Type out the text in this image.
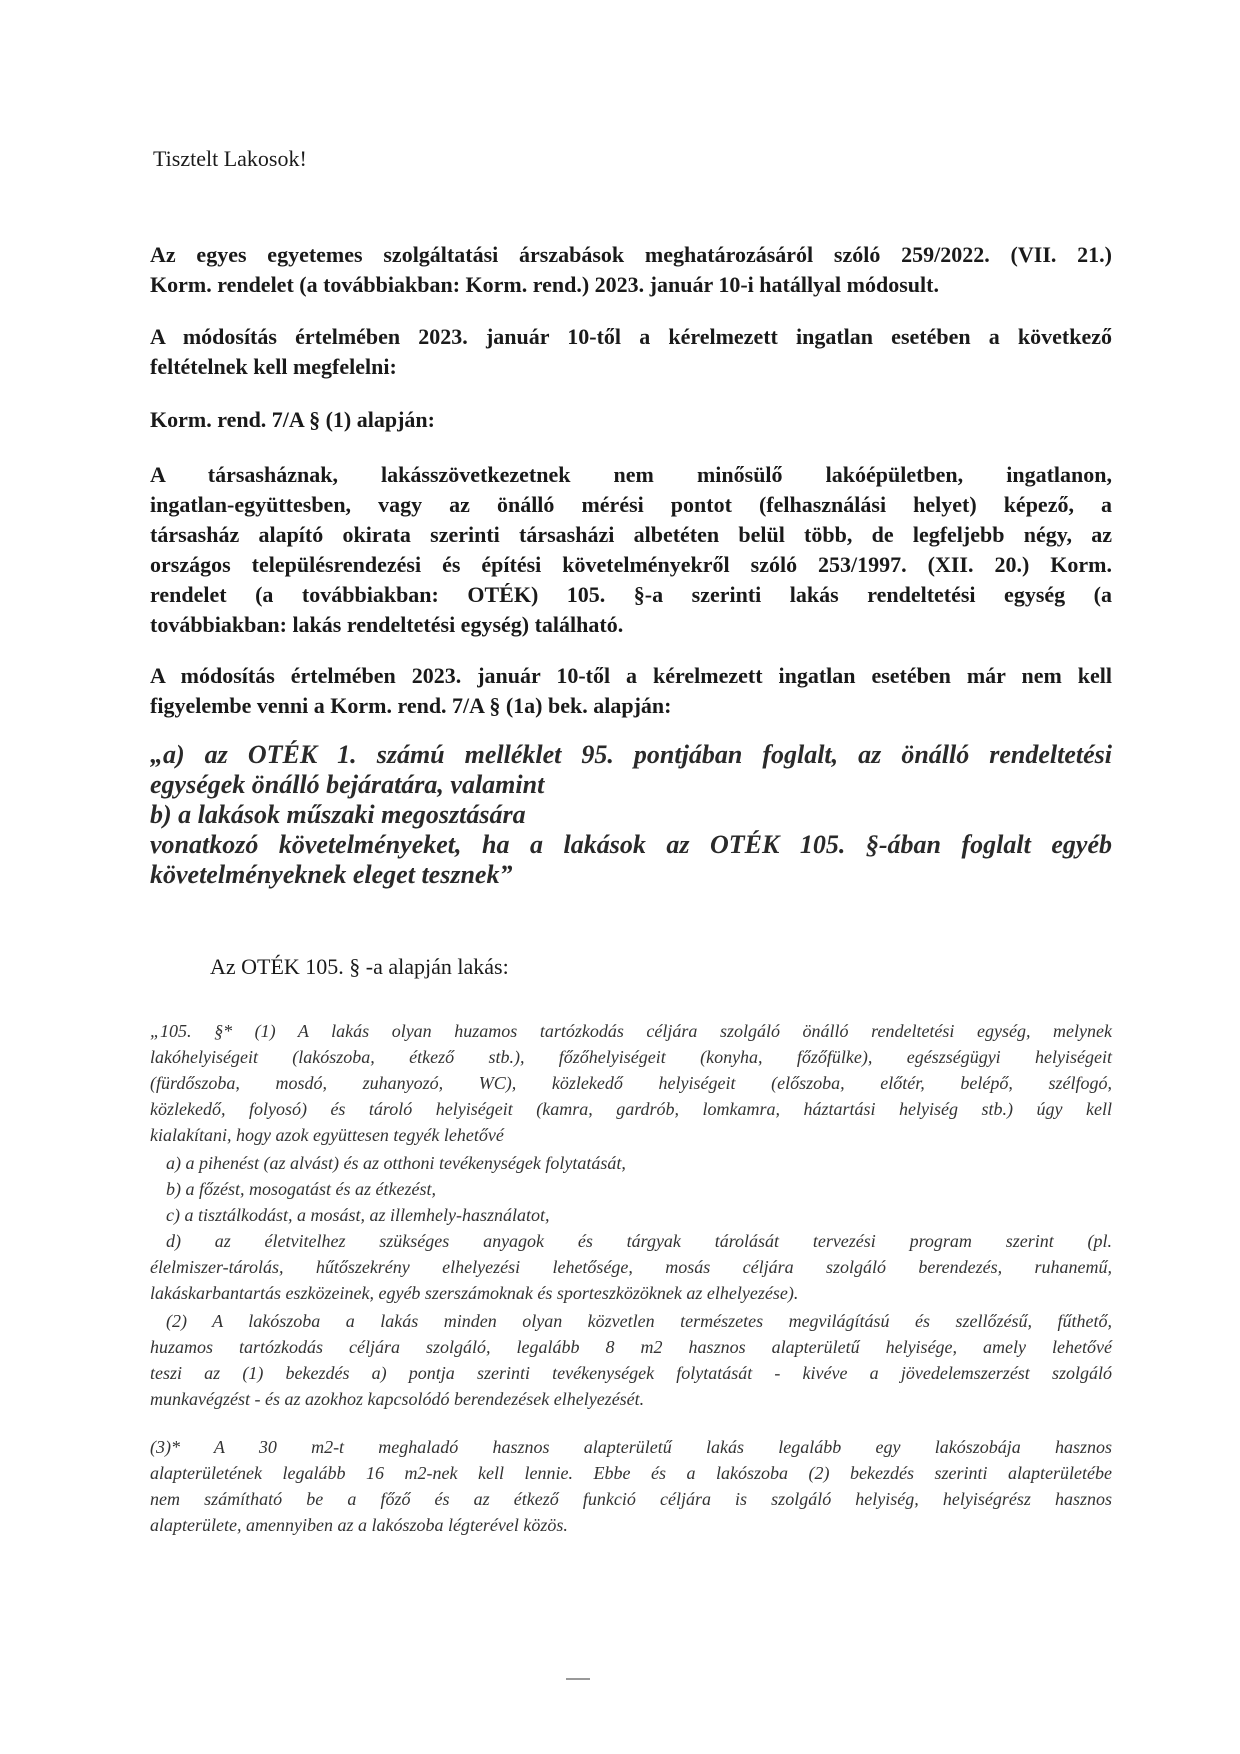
Tisztelt Lakosok!
Az egyes egyetemes szolgáltatási árszabások meghatározásáról szóló 259/2022. (VII. 21.)
Korm. rendelet (a továbbiakban: Korm. rend.) 2023. január 10-i hatállyal módosult.
A módosítás értelmében 2023. január 10-től a kérelmezett ingatlan esetében a következő
feltételnek kell megfelelni:
Korm. rend. 7/A § (1) alapján:
A társasháznak, lakásszövetkezetnek nem minősülő lakóépületben, ingatlanon,
ingatlan-együttesben, vagy az önálló mérési pontot (felhasználási helyet) képező, a
társasház alapító okirata szerinti társasházi albetéten belül több, de legfeljebb négy, az
országos településrendezési és építési követelményekről szóló 253/1997. (XII. 20.) Korm.
rendelet (a továbbiakban: OTÉK) 105. §-a szerinti lakás rendeltetési egység (a
továbbiakban: lakás rendeltetési egység) található.
A módosítás értelmében 2023. január 10-től a kérelmezett ingatlan esetében már nem kell
figyelembe venni a Korm. rend. 7/A § (1a) bek. alapján:
„a) az OTÉK 1. számú melléklet 95. pontjában foglalt, az önálló rendeltetési
egységek önálló bejáratára, valamint
b) a lakások műszaki megosztására
vonatkozó követelményeket, ha a lakások az OTÉK 105. §-ában foglalt egyéb
követelményeknek eleget tesznek”
Az OTÉK 105. § -a alapján lakás:
„105. §* (1) A lakás olyan huzamos tartózkodás céljára szolgáló önálló rendeltetési egység, melynek
lakóhelyiségeit (lakószoba, étkező stb.), főzőhelyiségeit (konyha, főzőfülke), egészségügyi helyiségeit
(fürdőszoba, mosdó, zuhanyozó, WC), közlekedő helyiségeit (előszoba, előtér, belépő, szélfogó,
közlekedő, folyosó) és tároló helyiségeit (kamra, gardrób, lomkamra, háztartási helyiség stb.) úgy kell
kialakítani, hogy azok együttesen tegyék lehetővé
a) a pihenést (az alvást) és az otthoni tevékenységek folytatását,
b) a főzést, mosogatást és az étkezést,
c) a tisztálkodást, a mosást, az illemhely-használatot,
d) az életvitelhez szükséges anyagok és tárgyak tárolását tervezési program szerint (pl.
élelmiszer-tárolás, hűtőszekrény elhelyezési lehetősége, mosás céljára szolgáló berendezés, ruhanemű,
lakáskarbantartás eszközeinek, egyéb szerszámoknak és sporteszközöknek az elhelyezése).
(2) A lakószoba a lakás minden olyan közvetlen természetes megvilágítású és szellőzésű, fűthető,
huzamos tartózkodás céljára szolgáló, legalább 8 m2 hasznos alapterületű helyisége, amely lehetővé
teszi az (1) bekezdés a) pontja szerinti tevékenységek folytatását - kivéve a jövedelemszerzést szolgáló
munkavégzést - és az azokhoz kapcsolódó berendezések elhelyezését.
(3)* A 30 m2-t meghaladó hasznos alapterületű lakás legalább egy lakószobája hasznos
alapterületének legalább 16 m2-nek kell lennie. Ebbe és a lakószoba (2) bekezdés szerinti alapterületébe
nem számítható be a főző és az étkező funkció céljára is szolgáló helyiség, helyiségrész hasznos
alapterülete, amennyiben az a lakószoba légterével közös.
